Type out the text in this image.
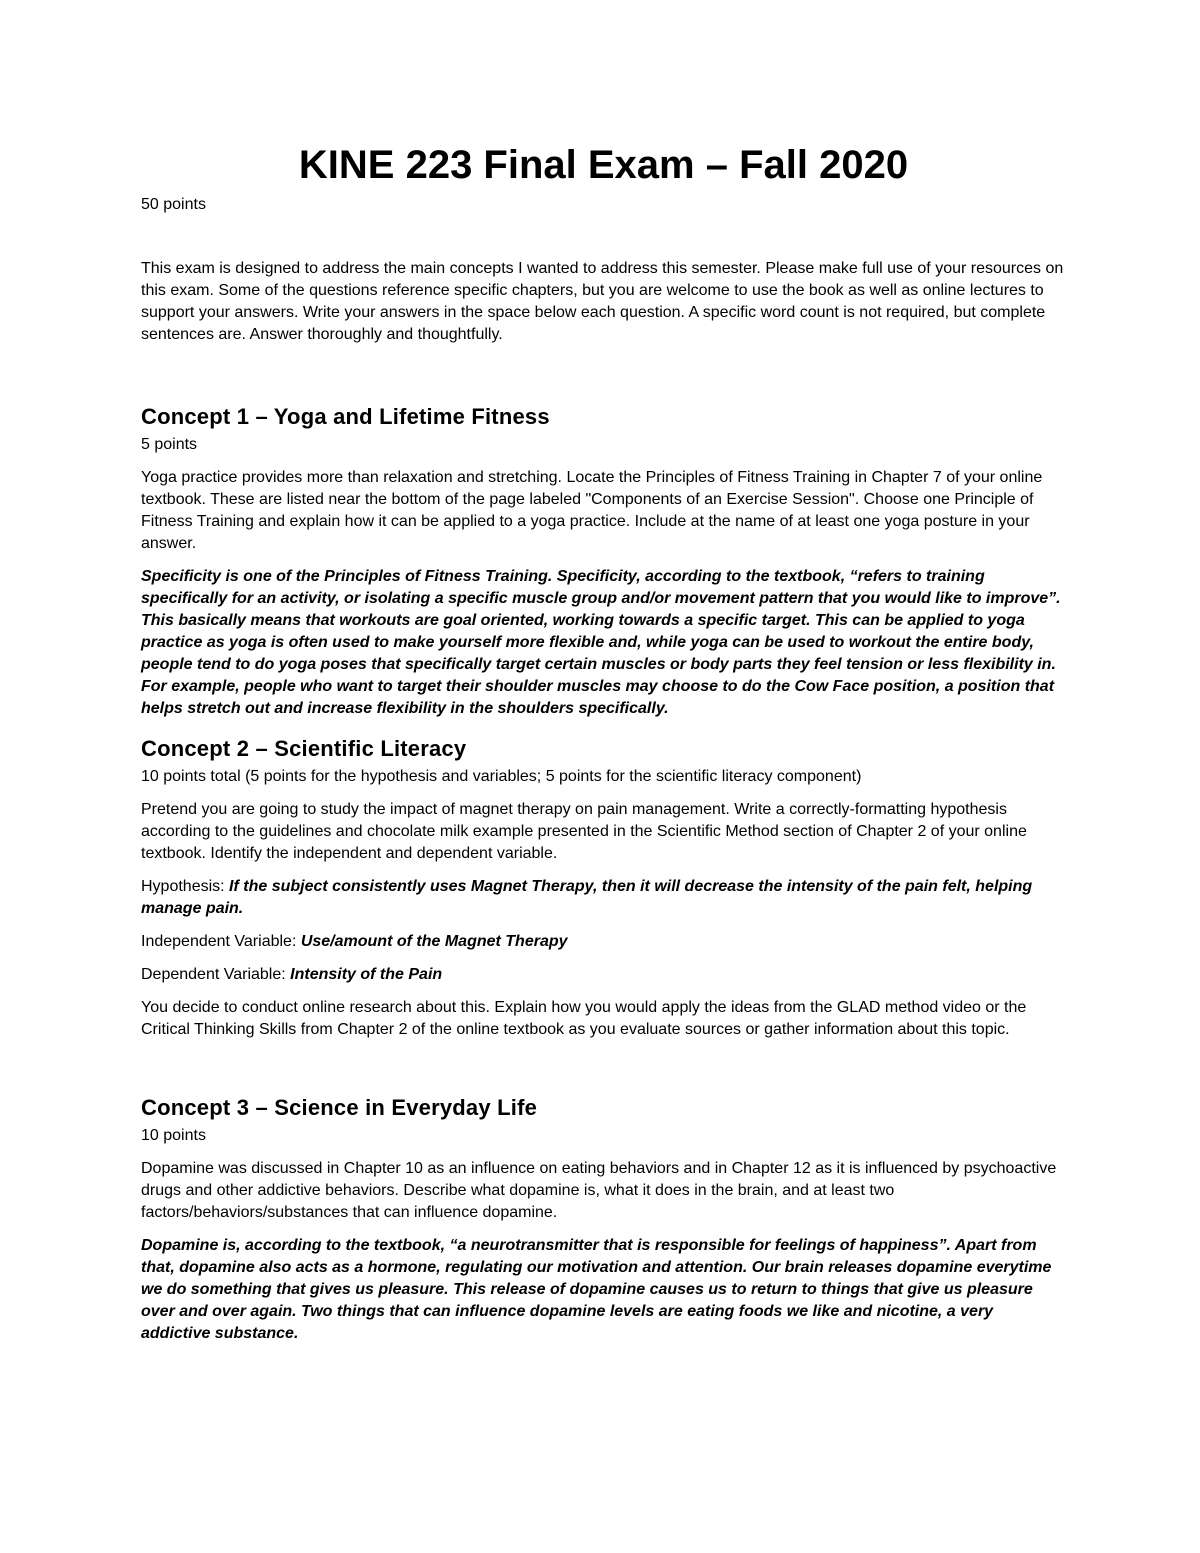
KINE 223 Final Exam – Fall 2020

50 points

This exam is designed to address the main concepts I wanted to address this semester. Please make full use of your resources on this exam. Some of the questions reference specific chapters, but you are welcome to use the book as well as online lectures to support your answers. Write your answers in the space below each question. A specific word count is not required, but complete sentences are. Answer thoroughly and thoughtfully.

Concept 1 – Yoga and Lifetime Fitness

5 points

Yoga practice provides more than relaxation and stretching. Locate the Principles of Fitness Training in Chapter 7 of your online textbook. These are listed near the bottom of the page labeled "Components of an Exercise Session". Choose one Principle of Fitness Training and explain how it can be applied to a yoga practice. Include at the name of at least one yoga posture in your answer.

Specificity is one of the Principles of Fitness Training. Specificity, according to the textbook, “refers to training specifically for an activity, or isolating a specific muscle group and/or movement pattern that you would like to improve”. This basically means that workouts are goal oriented, working towards a specific target. This can be applied to yoga practice as yoga is often used to make yourself more flexible and, while yoga can be used to workout the entire body, people tend to do yoga poses that specifically target certain muscles or body parts they feel tension or less flexibility in. For example, people who want to target their shoulder muscles may choose to do the Cow Face position, a position that helps stretch out and increase flexibility in the shoulders specifically.

Concept 2 – Scientific Literacy

10 points total (5 points for the hypothesis and variables; 5 points for the scientific literacy component)

Pretend you are going to study the impact of magnet therapy on pain management. Write a correctly-formatting hypothesis according to the guidelines and chocolate milk example presented in the Scientific Method section of Chapter 2 of your online textbook. Identify the independent and dependent variable.

Hypothesis: If the subject consistently uses Magnet Therapy, then it will decrease the intensity of the pain felt, helping manage pain.

Independent Variable: Use/amount of the Magnet Therapy

Dependent Variable: Intensity of the Pain

You decide to conduct online research about this. Explain how you would apply the ideas from the GLAD method video or the Critical Thinking Skills from Chapter 2 of the online textbook as you evaluate sources or gather information about this topic.

Concept 3 – Science in Everyday Life

10 points

Dopamine was discussed in Chapter 10 as an influence on eating behaviors and in Chapter 12 as it is influenced by psychoactive drugs and other addictive behaviors. Describe what dopamine is, what it does in the brain, and at least two factors/behaviors/substances that can influence dopamine.

Dopamine is, according to the textbook, “a neurotransmitter that is responsible for feelings of happiness”. Apart from that, dopamine also acts as a hormone, regulating our motivation and attention. Our brain releases dopamine everytime we do something that gives us pleasure. This release of dopamine causes us to return to things that give us pleasure over and over again. Two things that can influence dopamine levels are eating foods we like and nicotine, a very addictive substance.
